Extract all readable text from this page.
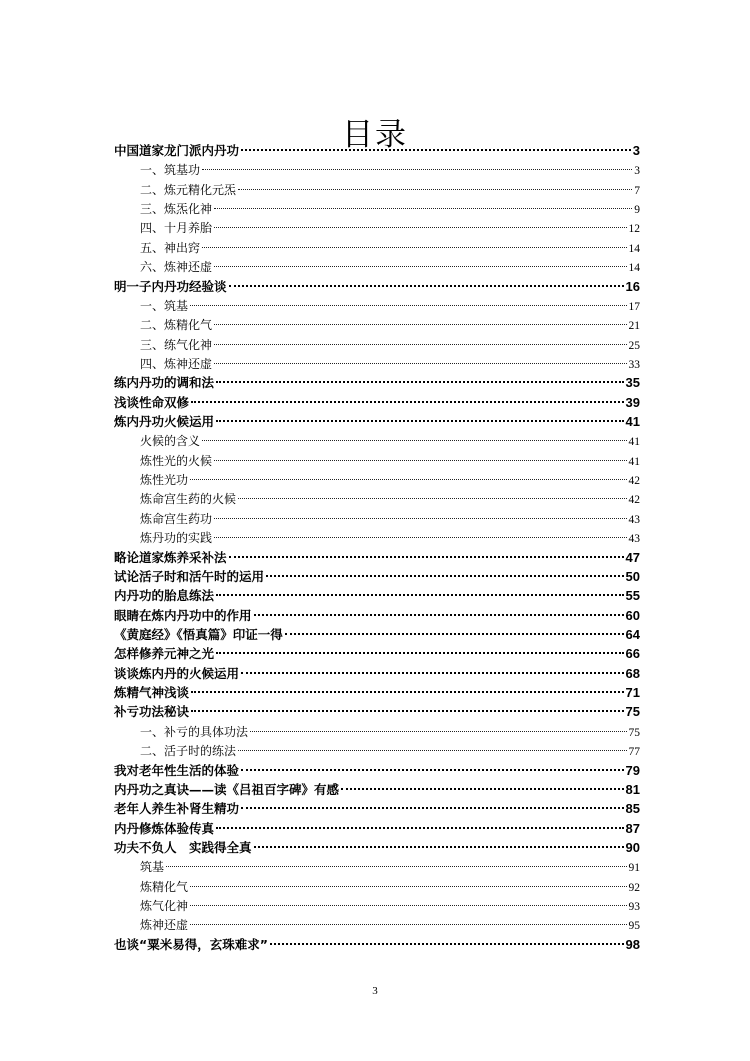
目录
中国道家龙门派内丹功	3
一、筑基功	3
二、炼元精化元炁	7
三、炼炁化神	9
四、十月养胎	12
五、神出窍	14
六、炼神还虚	14
明一子内丹功经验谈	16
一、筑基	17
二、炼精化气	21
三、练气化神	25
四、炼神还虚	33
练内丹功的调和法	35
浅谈性命双修	39
炼内丹功火候运用	41
火候的含义	41
炼性光的火候	41
炼性光功	42
炼命宫生药的火候	42
炼命宫生药功	43
炼丹功的实践	43
略论道家炼养采补法	47
试论活子时和活午时的运用	50
内丹功的胎息练法	55
眼睛在炼内丹功中的作用	60
《黄庭经》《悟真篇》印证一得	64
怎样修养元神之光	66
谈谈炼内丹的火候运用	68
炼精气神浅谈	71
补亏功法秘诀	75
一、补亏的具体功法	75
二、活子时的练法	77
我对老年性生活的体验	79
内丹功之真诀——读《吕祖百字碑》有感	81
老年人养生补肾生精功	85
内丹修炼体验传真	87
功夫不负人　实践得全真	90
筑基	91
炼精化气	92
炼气化神	93
炼神还虚	95
也谈“粟米易得，玄珠难求”	98
3
